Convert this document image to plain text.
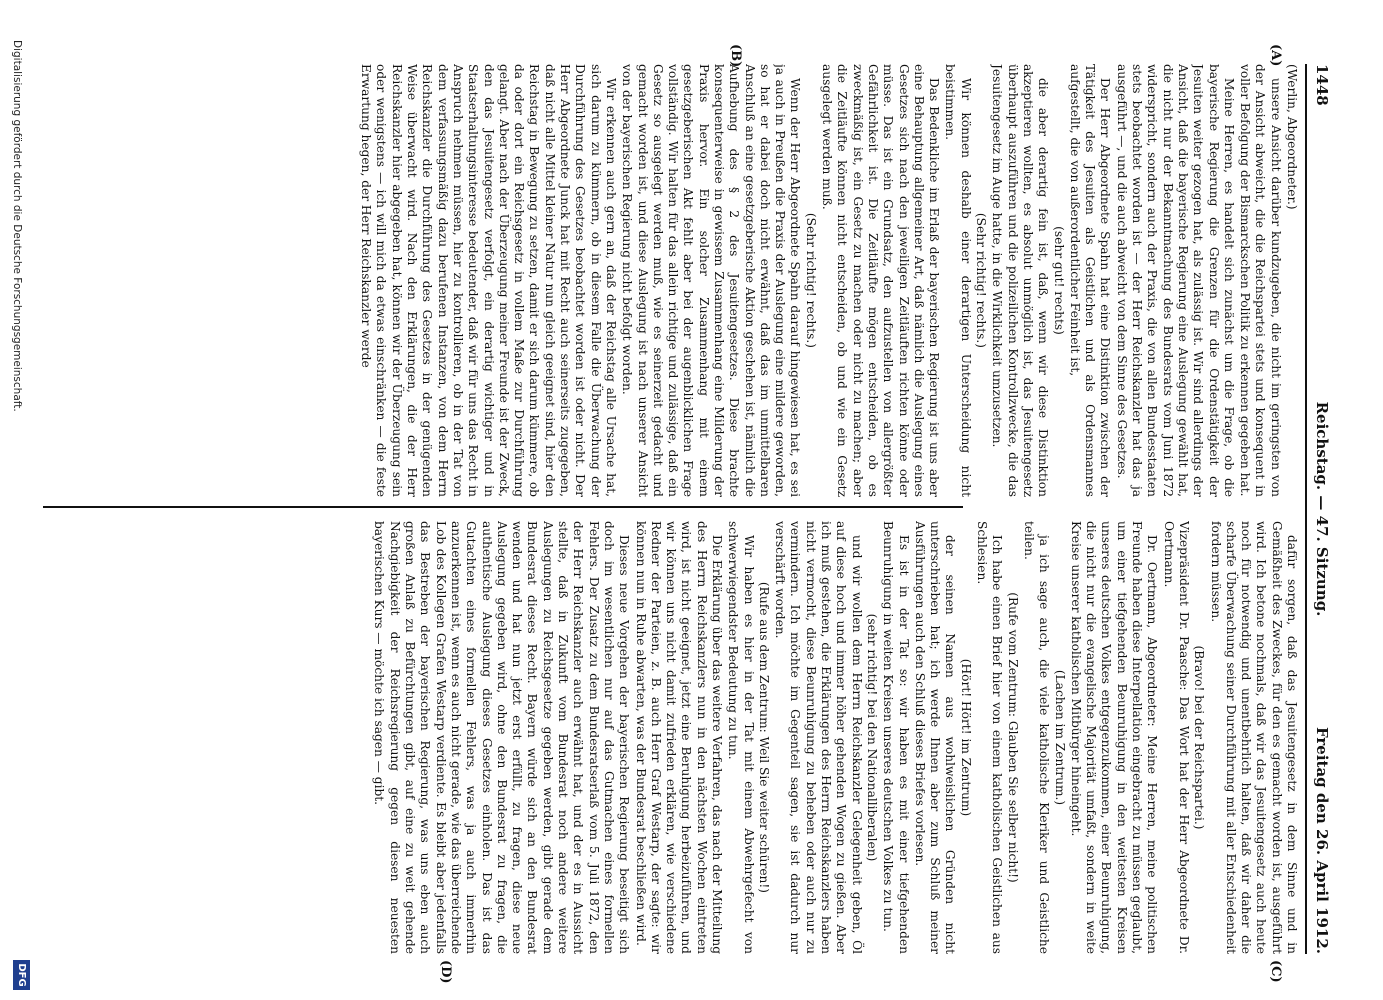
1448
Reichstag. — 47. Sitzung.
Freitag den 26. April 1912.
(A)
(B)
(C)
(D)

(Werlin, Abgeordneter.)

unsere Ansicht darüber kundzugeben, die nicht im geringsten von der Ansicht abweicht, die die Reichspartei stets und konsequent in voller Befolgung der Bismarckschen Politik zu erkennen gegeben hat.

Meine Herren, es handelt sich zunächst um die Frage, ob die bayerische Regierung die Grenzen für die Ordenstätigkeit der Jesuiten weiter gezogen hat, als zulässig ist. Wir sind allerdings der Ansicht, daß die bayerische Regierung eine Auslegung gewählt hat, die nicht nur der Bekanntmachung des Bundesrats vom Juni 1872 widerspricht, sondern auch der Praxis, die von allen Bundesstaaten stets beobachtet worden ist — der Herr Reichskanzler hat das ja ausgeführt —, und die auch abweicht von dem Sinne des Gesetzes.

Der Herr Abgeordnete Spahn hat eine Distinktion zwischen der Tätigkeit des Jesuiten als Geistlichen und als Ordensmannes aufgestellt, die von außerordentlicher Feinheit ist,

(sehr gut! rechts)

die aber derartig fein ist, daß, wenn wir diese Distinktion akzeptieren wollten, es absolut unmöglich ist, das Jesuitengesetz überhaupt auszuführen und die polizeilichen Kontrollzwecke, die das Jesuitengesetz im Auge hatte, in die Wirklichkeit umzusetzen.

(Sehr richtig! rechts.)

Wir können deshalb einer derartigen Unterscheidung nicht beistimmen.

Das Bedenkliche im Erlaß der bayerischen Regierung ist uns aber eine Behauptung allgemeiner Art, daß nämlich die Auslegung eines Gesetzes sich nach den jeweiligen Zeitläuften richten könne oder müsse. Das ist ein Grundsatz, den aufzustellen von allergrößter Gefährlichkeit ist. Die Zeitläufte mögen entscheiden, ob es zweckmäßig ist, ein Gesetz zu machen oder nicht zu machen; aber die Zeitläufte können nicht entscheiden, ob und wie ein Gesetz ausgelegt werden muß.

(Sehr richtig! rechts.)

Wenn der Herr Abgeordnete Spahn darauf hingewiesen hat, es sei ja auch in Preußen die Praxis der Auslegung eine mildere geworden, so hat er dabei doch nicht erwähnt, daß das im unmittelbaren Anschluß an eine gesetzgeberische Aktion geschehen ist, nämlich die Aufhebung des § 2 des Jesuitengesetzes. Diese brachte konsequenterweise in gewissem Zusammenhang eine Milderung der Praxis hervor. Ein solcher Zusammenhang mit einem gesetzgeberischen Akt fehlt aber bei der augenblicklichen Frage vollständig. Wir halten für das allein richtige und zulässige, daß ein Gesetz so ausgelegt werden muß, wie es seinerzeit gedacht und gemacht worden ist, und diese Auslegung ist nach unserer Ansicht von der bayerischen Regierung nicht befolgt worden.

Wir erkennen auch gern an, daß der Reichstag alle Ursache hat, sich darum zu kümmern, ob in diesem Falle die Überwachung der Durchführung des Gesetzes beobachtet worden ist oder nicht. Der Herr Abgeordnete Junck hat mit Recht auch seinerseits zugegeben, daß nicht alle Mittel kleiner Natur nun gleich geeignet sind, hier den Reichstag in Bewegung zu setzen, damit er sich darum kümmere, ob da oder dort ein Reichsgesetz in vollem Maße zur Durchführung gelangt. Aber nach der Überzeugung meiner Freunde ist der Zweck, den das Jesuitengesetz verfolgt, ein derartig wichtiger und in Staatserhaltungsinteresse bedeutender, daß wir für uns das Recht in Anspruch nehmen müssen, hier zu kontrollieren, ob in der Tat von dem verfassungsmäßig dazu berufenen Instanzen, von dem Herrn Reichskanzler die Durchführung des Gesetzes in der genügenden Weise überwacht wird. Nach den Erklärungen, die der Herr Reichskanzler hier abgegeben hat, können wir der Überzeugung sein oder wenigstens — ich will mich da etwas einschränken — die feste Erwartung hegen, der Herr Reichskanzler werde

dafür sorgen, daß das Jesuitengesetz in dem Sinne und in Gemäßheit des Zweckes, für den es gemacht worden ist, ausgeführt wird. Ich betone nochmals, daß wir das Jesuitengesetz auch heute noch für notwendig und unentbehrlich halten, daß wir daher die scharfe Überwachung seiner Durchführung mit aller Entschiedenheit fordern müssen.

(Bravo! bei der Reichspartei.)

Vizepräsident Dr. Paasche: Das Wort hat der Herr Abgeordnete Dr. Oertmann.

Dr. Oertmann, Abgeordneter: Meine Herren, meine politischen Freunde haben diese Interpellation eingebracht zu müssen geglaubt, um einer tiefgehenden Beunruhigung in den weitesten Kreisen unseres deutschen Volkes entgegenzukommen, einer Beunruhigung, die nicht nur die evangelische Majorität umfaßt, sondern in weite Kreise unserer katholischen Mitbürger hineingeht.

(Lachen im Zentrum.)

ja ich sage auch, die viele katholische Kleriker und Geistliche teilen.

(Rufe vom Zentrum: Glauben Sie selber nicht!)

Ich habe einen Brief hier von einem katholischen Geistlichen aus Schlesien.

(Hört! Hört! im Zentrum)

der seinen Namen aus wohlweislichen Gründen nicht unterschrieben hat; ich werde Ihnen aber zum Schluß meiner Ausführungen auch den Schluß dieses Briefes vorlesen.

Es ist in der Tat so: wir haben es mit einer tiefgehenden Beunruhigung in weiten Kreisen unseres deutschen Volkes zu tun.

(sehr richtig! bei den Nationalliberalen)

und wir wollen dem Herrn Reichskanzler Gelegenheit geben, Öl auf diese hoch und immer höher gehenden Wogen zu gießen. Aber ich muß gestehen, die Erklärungen des Herrn Reichskanzlers haben nicht vermocht, diese Beunruhigung zu beheben oder auch nur zu vermindern. Ich möchte im Gegenteil sagen, sie ist dadurch nur verschärft worden.

(Rufe aus dem Zentrum: Weil Sie weiter schüren!)

Wir haben es hier in der Tat mit einem Abwehrgefecht von schwerwiegendster Bedeutung zu tun.

Die Erklärung über das weitere Verfahren, das nach der Mitteilung des Herrn Reichskanzlers nun in den nächsten Wochen eintreten wird, ist nicht geeignet, jetzt eine Beruhigung herbeizuführen, und wir können uns nicht damit zufrieden erklären, wie verschiedene Redner der Parteien, z. B. auch Herr Graf Westarp, der sagte: wir können nun in Ruhe abwarten, was der Bundesrat beschließen wird.

Dieses neue Vorgehen der bayerischen Regierung beseitigt sich doch im wesentlichen nur auf das Gutmachen eines formellen Fehlers. Der Zusatz zu dem Bundesratserlaß vom 5. Juli 1872, den der Herr Reichskanzler auch erwähnt hat, und der es in Aussicht stellte, daß in Zukunft vom Bundesrat noch andere weitere Auslegungen zu Reichsgesetze gegeben werden, gibt gerade dem Bundesrat dieses Recht. Bayern würde sich an den Bundesrat wenden und hat nun jetzt erst erfüllt, zu fragen, diese neue Auslegung gegeben wird, ohne den Bundesrat zu fragen, die authentische Auslegung dieses Gesetzes einholen. Das ist das Gutachten eines formellen Fehlers, was ja auch immerhin anzuerkennen ist, wenn es auch nicht gerade, wie das überreichende Lob des Kollegen Grafen Westarp verdiente. Es bleibt aber jedenfalls das Bestreben der bayerischen Regierung, was uns eben auch großen Anlaß zu Befürchtungen gibt, auf eine zu weit gehende Nachgiebigkeit der Reichsregierung gegen diesen neuesten bayerischen Kurs — möchte ich sagen — gibt.

Digitalisierung gefördert durch die Deutsche Forschungsgemeinschaft.
DFG
